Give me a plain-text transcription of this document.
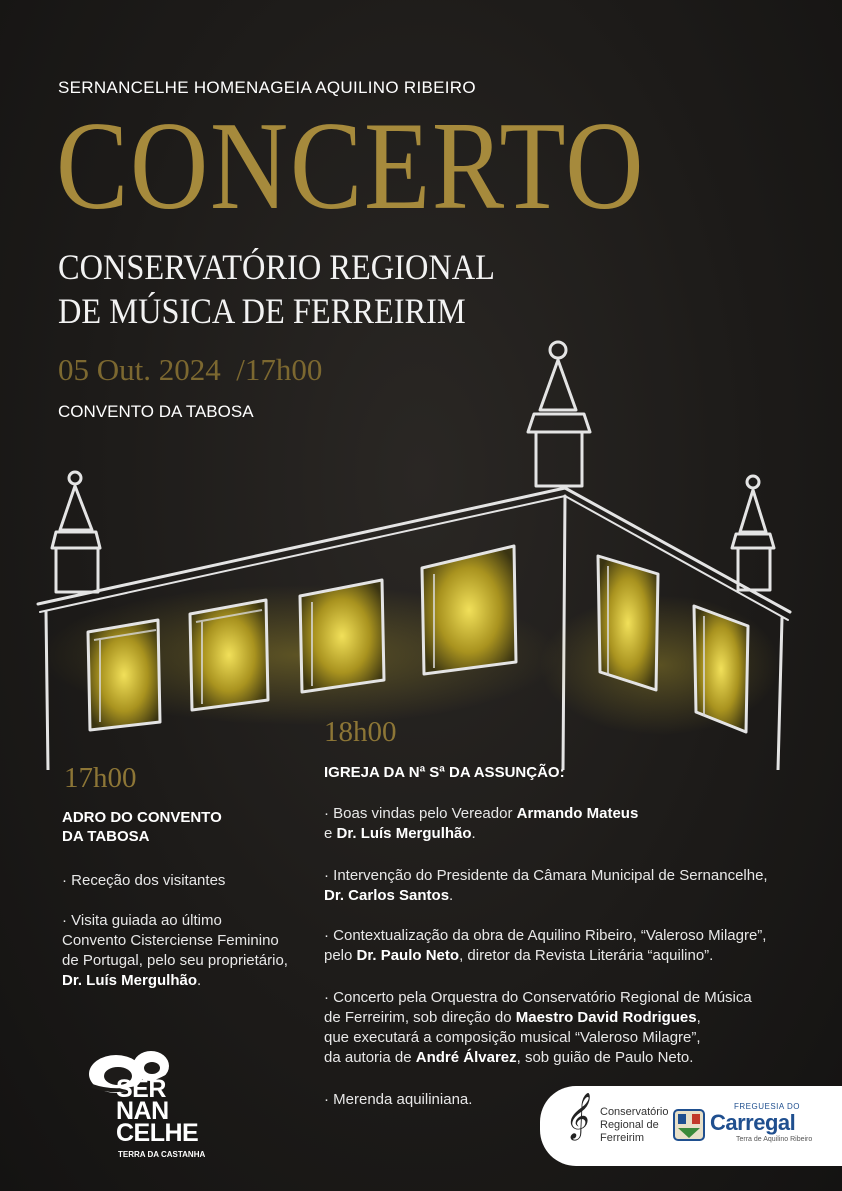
SERNANCELHE HOMENAGEIA AQUILINO RIBEIRO
CONCERTO
CONSERVATÓRIO REGIONAL
DE MÚSICA DE FERREIRIM
05 Out. 2024 /17h00
CONVENTO DA TABOSA
17h00
ADRO DO CONVENTO
DA TABOSA
· Receção dos visitantes
· Visita guiada ao último
Convento Cisterciense Feminino
de Portugal, pelo seu proprietário,
Dr. Luís Mergulhão.
18h00
IGREJA DA Nª Sª DA ASSUNÇÃO:
· Boas vindas pelo Vereador Armando Mateus
e Dr. Luís Mergulhão.
· Intervenção do Presidente da Câmara Municipal de Sernancelhe,
Dr. Carlos Santos.
· Contextualização da obra de Aquilino Ribeiro, “Valeroso Milagre”,
pelo Dr. Paulo Neto, diretor da Revista Literária “aquilino”.
· Concerto pela Orquestra do Conservatório Regional de Música
de Ferreirim, sob direção do Maestro David Rodrigues,
que executará a composição musical “Valeroso Milagre”,
da autoria de André Álvarez, sob guião de Paulo Neto.
· Merenda aquiliniana.
SER
NAN
CELHE
TERRA DA CASTANHA
𝄞 Conservatório
Regional de
Ferreirim
FREGUESIA DO
Carregal
Terra de Aquilino Ribeiro
